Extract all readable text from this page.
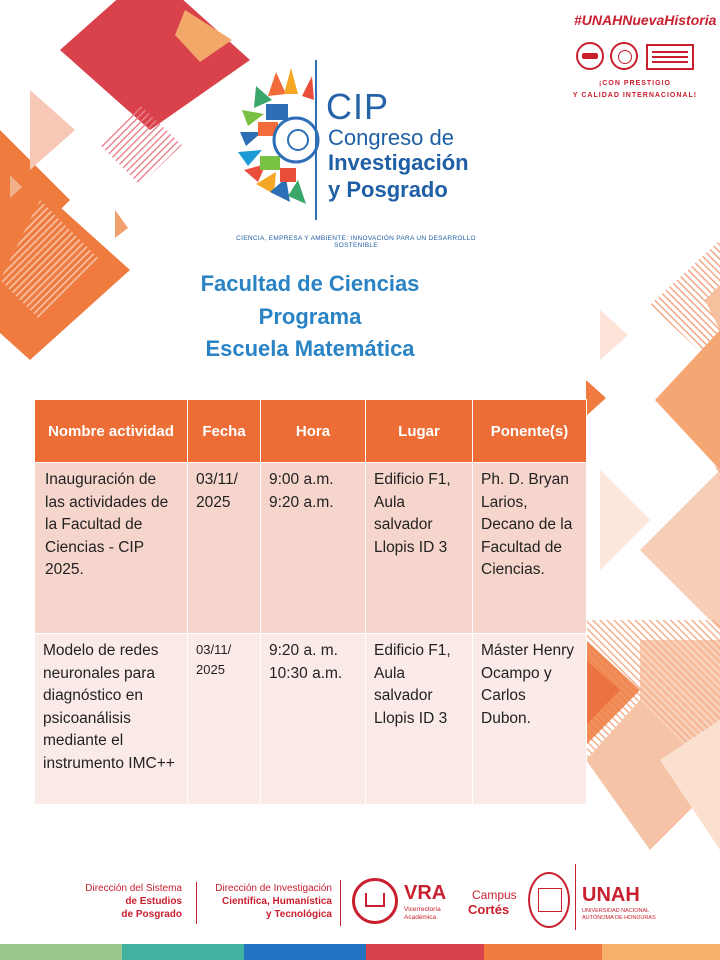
#UNAHNuevaHistoria
¡CON PRESTIGIO
Y CALIDAD INTERNACIONAL!
CIP
Congreso de
Investigación
y Posgrado
CIENCIA, EMPRESA Y AMBIENTE: INNOVACIÓN PARA UN DESARROLLO SOSTENIBLE
Facultad de Ciencias
Programa
Escuela Matemática
Nombre actividad	Fecha	Hora	Lugar	Ponente(s)
Inauguración de las actividades de la Facultad de Ciencias - CIP 2025.	03/11/ 2025	9:00 a.m. 9:20 a.m.	Edificio F1, Aula salvador Llopis ID 3	Ph. D. Bryan Larios, Decano de la Facultad de Ciencias.
Modelo de redes neuronales para diagnóstico en psicoanálisis mediante el instrumento IMC++	03/11/ 2025	9:20 a. m. 10:30 a.m.	Edificio F1, Aula salvador Llopis ID 3	Máster Henry Ocampo y Carlos Dubon.
Dirección del Sistema
de Estudios
de Posgrado
Dirección de Investigación
Científica, Humanística
y Tecnológica
VRA
Vicerrectoría
Académica
Campus
Cortés
UNAH
UNIVERSIDAD NACIONAL
AUTÓNOMA DE HONDURAS
